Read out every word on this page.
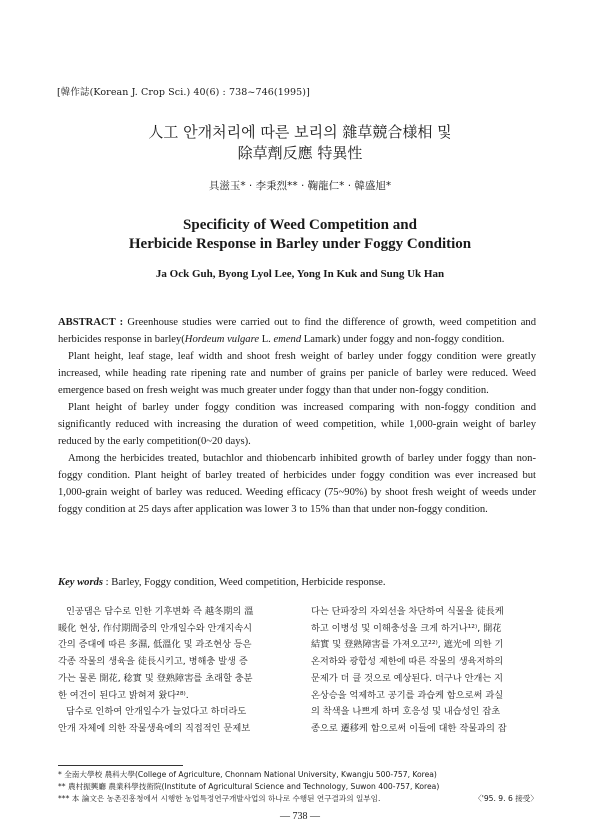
[韓作誌(Korean J. Crop Sci.) 40(6) : 738~746(1995)]
人工 안개처리에 따른 보리의 雜草競合様相 및
除草劑反應 特異性
具滋玉* · 李秉烈** · 鞠龍仁* · 韓盛旭*
Specificity of Weed Competition and
Herbicide Response in Barley under Foggy Condition
Ja Ock Guh, Byong Lyol Lee, Yong In Kuk and Sung Uk Han

ABSTRACT : Greenhouse studies were carried out to find the difference of growth, weed competition and herbicides response in barley(Hordeum vulgare L. emend Lamark) under foggy and non-foggy condition.

Plant height, leaf stage, leaf width and shoot fresh weight of barley under foggy condition were greatly increased, while heading rate ripening rate and number of grains per panicle of barley were reduced. Weed emergence based on fresh weight was much greater under foggy than that under non-foggy condition.

Plant height of barley under foggy condition was increased comparing with non-foggy condition and significantly reduced with increasing the duration of weed competition, while 1,000-grain weight of barley reduced by the early competition(0~20 days).

Among the herbicides treated, butachlor and thiobencarb inhibited growth of barley under foggy than non-foggy condition. Plant height of barley treated of herbicides under foggy condition was ever increased but 1,000-grain weight of barley was reduced. Weeding efficacy (75~90%) by shoot fresh weight of weeds under foggy condition at 25 days after application was lower 3 to 15% than that under non-foggy condition.

Key words : Barley, Foggy condition, Weed competition, Herbicide response.
인공댐은 담수로 인한 기후변화 즉 越冬期의 溫
暖化 현상, 作付期間중의 안개일수와 안개지속시
간의 증대에 따른 多濕, 低溫化 및 과조현상 등은
각종 작물의 생육을 徒長시키고, 병해충 발생 증
가는 물론 開花, 稔實 및 登熟障害를 초래할 충분
한 여건이 된다고 밝혀져 왔다²⁸⁾.
담수로 인하여 안개일수가 늘었다고 하더라도
안개 자체에 의한 작물생육에의 직접적인 문제보
다는 단파장의 자외선을 차단하여 식물을 徒長케
하고 이병성 및 이해충성을 크게 하거나¹²⁾, 開花
結實 및 登熟障害를 가져오고²²⁾, 遮光에 의한 기
온저하와 광합성 제한에 따른 작물의 생육저하의
문제가 더 클 것으로 예상된다. 더구나 안개는 지
온상승을 억제하고 공기를 과습케 함으로써 과실
의 착색을 나쁘게 하며 호응성 및 내습성인 잡초
종으로 遷移케 함으로써 이들에 대한 작물과의 잡
* 全南大學校 農科大學(College of Agriculture, Chonnam National University, Kwangju 500-757, Korea)
** 農村振興廳 農業科學技術院(Institute of Agricultural Science and Technology, Suwon 400-757, Korea)
*** 本 論文은 농촌진흥청에서 시행한 농업특정연구개발사업의 하나로 수행된 연구결과의 일부임.	〈'95. 9. 6 接受〉
— 738 —
